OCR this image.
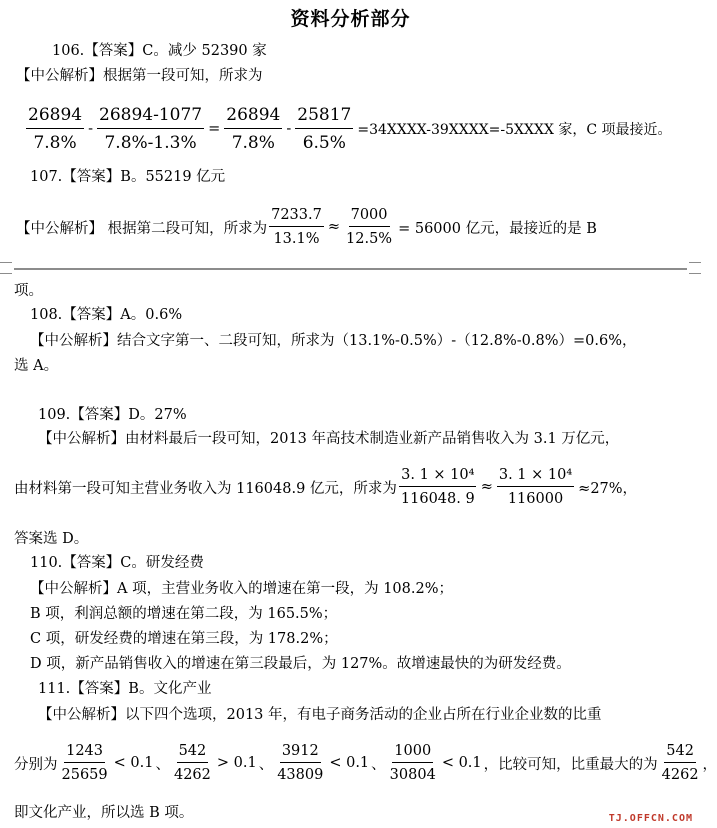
资料分析部分
106.【答案】C。减少 52390 家
【中公解析】根据第一段可知，所求为
$\frac{26894}{7.8\%} - \frac{26894-1077}{7.8\%-1.3\%} = \frac{26894}{7.8\%} - \frac{25817}{6.5\%}$ =34XXXX-39XXXX=-5XXXX 家，C 项最接近。
107.【答案】B。55219 亿元
【中公解析】 根据第二段可知，所求为 $\frac{7233.7}{13.1\%} \approx \frac{7000}{12.5\%} = 56000$ 亿元，最接近的是 B
项。
108.【答案】A。0.6%
【中公解析】结合文字第一、二段可知，所求为（13.1%-0.5%）-（12.8%-0.8%）=0.6%，
选 A。
109.【答案】D。27%
【中公解析】由材料最后一段可知，2013 年高技术制造业新产品销售收入为 3.1 万亿元，
由材料第一段可知主营业务收入为 116048.9 亿元，所求为 $\frac{\text{3. 1 × 10⁴}}{116048. 9} \approx \frac{\text{3. 1 × 10⁴}}{116000} \approx 27\%$，
答案选 D。
110.【答案】C。研发经费
【中公解析】A 项，主营业务收入的增速在第一段，为 108.2%；
B 项，利润总额的增速在第二段，为 165.5%；
C 项，研发经费的增速在第三段，为 178.2%；
D 项，新产品销售收入的增速在第三段最后，为 127%。故增速最快的为研发经费。
111.【答案】B。文化产业
【中公解析】以下四个选项，2013 年，有电子商务活动的企业占所在行业企业数的比重
分别为 $\frac{1243}{25659} < 0.1$ 、 $\frac{542}{4262} > 0.1$ 、 $\frac{3912}{43809} < 0.1$ 、 $\frac{1000}{30804} < 0.1$ ，比较可知，比重最大的为 $\frac{542}{4262}$ ，
即文化产业，所以选 B 项。	TJ.OFFCN.COM
